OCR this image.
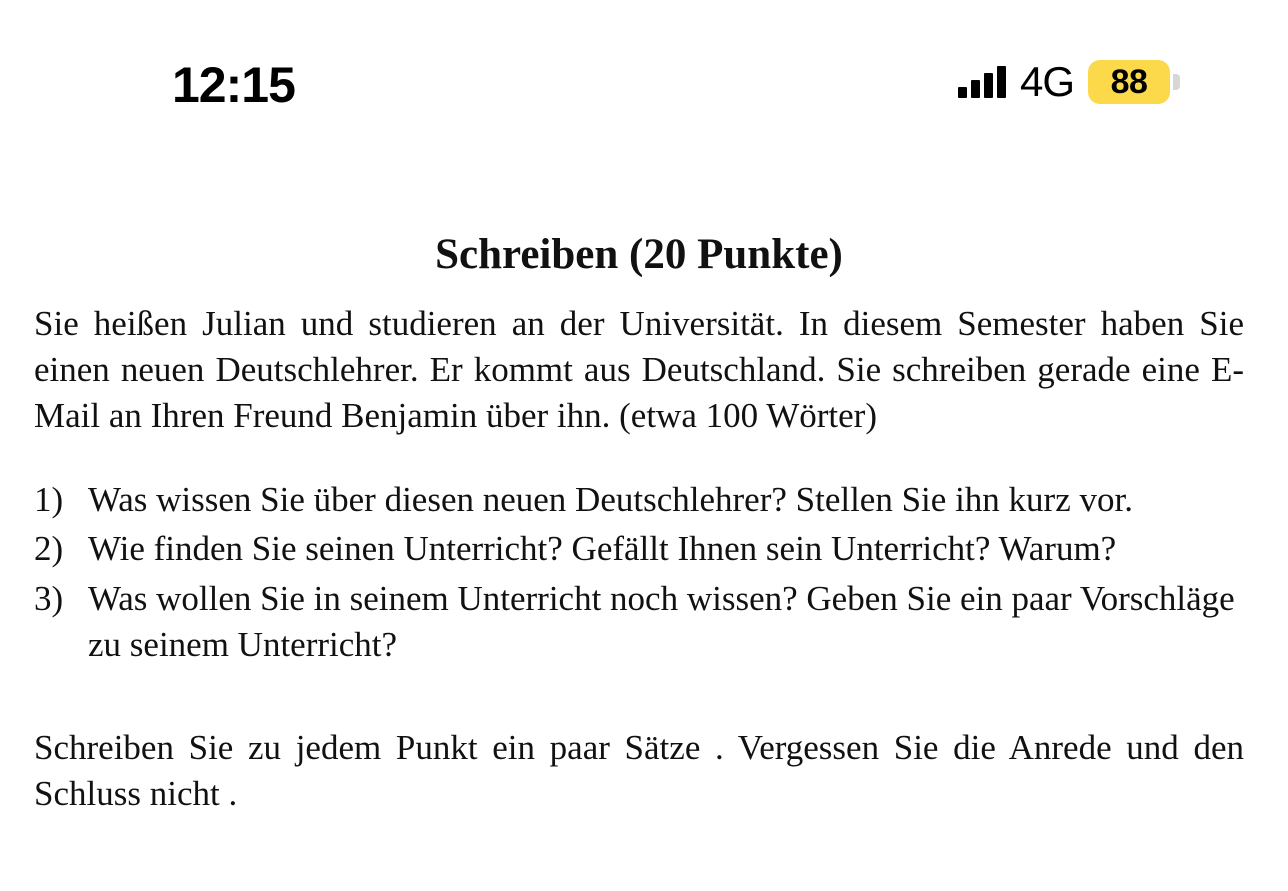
12:15	4G 88
Schreiben (20 Punkte)

Sie heißen Julian und studieren an der Universität. In diesem Semester haben Sie einen neuen Deutschlehrer. Er kommt aus Deutschland. Sie schreiben gerade eine E-Mail an Ihren Freund Benjamin über ihn. (etwa 100 Wörter)

1) Was wissen Sie über diesen neuen Deutschlehrer? Stellen Sie ihn kurz vor.
2) Wie finden Sie seinen Unterricht? Gefällt Ihnen sein Unterricht? Warum?
3) Was wollen Sie in seinem Unterricht noch wissen? Geben Sie ein paar Vorschläge zu seinem Unterricht?

Schreiben Sie zu jedem Punkt ein paar Sätze . Vergessen Sie die Anrede und den Schluss nicht .
